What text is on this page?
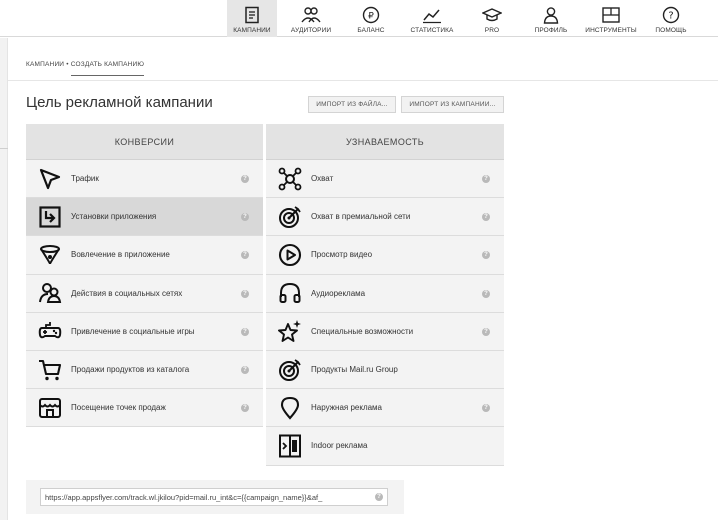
КАМПАНИИ	АУДИТОРИИ
₽
БАЛАНС	СТАТИСТИКА	PRO	ПРОФИЛЬ	ИНСТРУМЕНТЫ
?
ПОМОЩЬ
КАМПАНИИ • СОЗДАТЬ КАМПАНИЮ
Цель рекламной кампании	ИМПОРТ ИЗ ФАЙЛА...	ИМПОРТ ИЗ КАМПАНИИ...
КОНВЕРСИИ
Трафик	?
Установки приложения	?
Вовлечение в приложение	?
Действия в социальных сетях	?
Привлечение в социальные игры	?
Продажи продуктов из каталога	?
Посещение точек продаж	?
УЗНАВАЕМОСТЬ
Охват	?
Охват в премиальной сети	?
Просмотр видео	?
Аудиореклама	?
Специальные возможности	?
Продукты Mail.ru Group
Наружная реклама	?
Indoor реклама
https://app.appsflyer.com/track.wl.jkilou?pid=mail.ru_int&c={{campaign_name}}&af_	?
